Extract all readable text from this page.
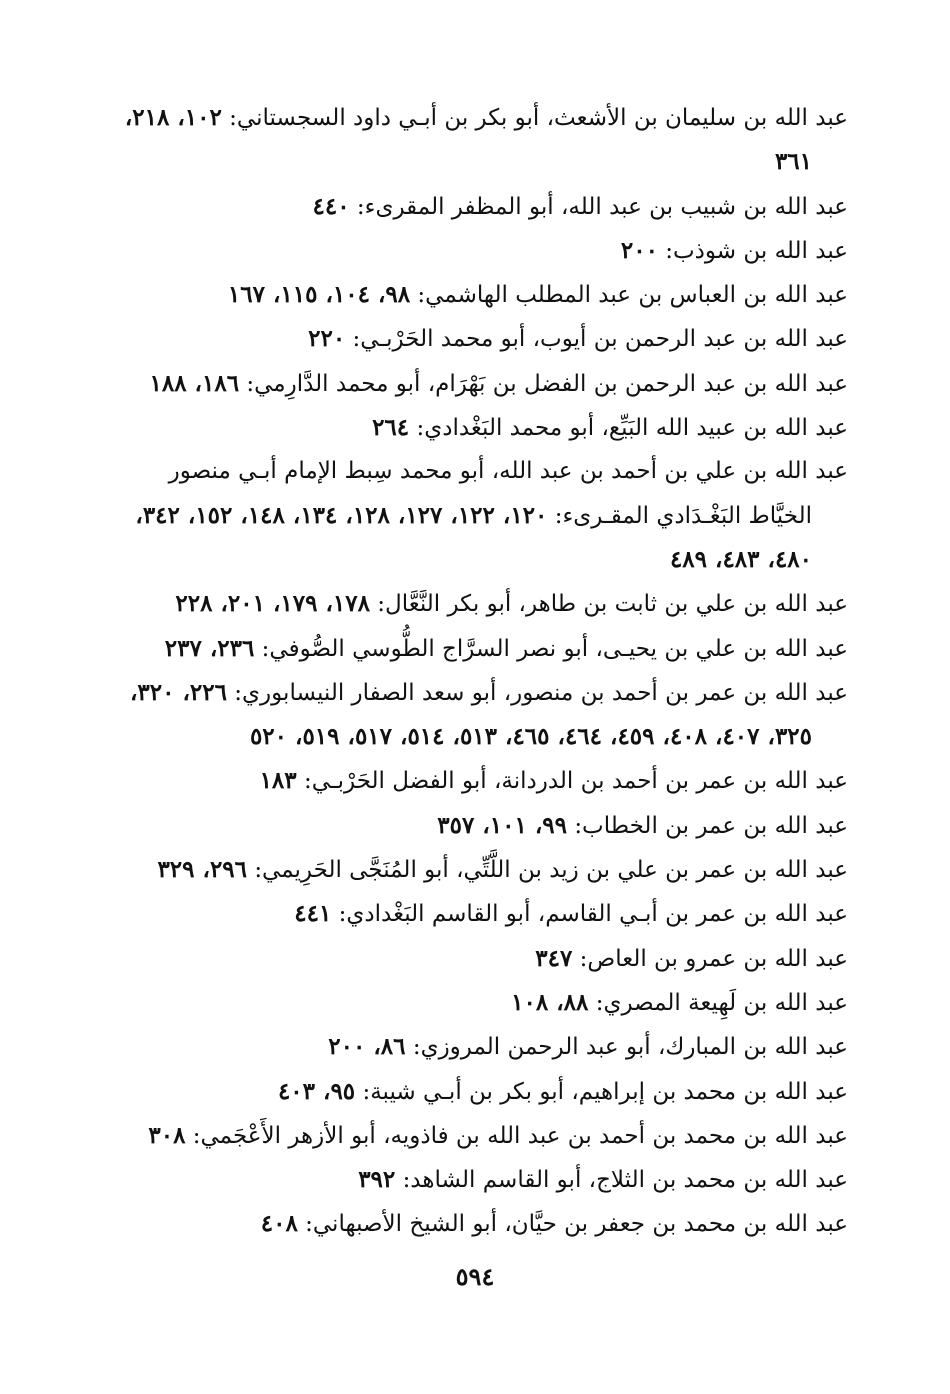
عبد الله بن سليمان بن الأشعث، أبو بكر بن أبـي داود السجستاني: ١٠٢، ٢١٨، ٣٦١
عبد الله بن شبيب بن عبد الله، أبو المظفر المقرىء: ٤٤٠
عبد الله بن شوذب: ٢٠٠
عبد الله بن العباس بن عبد المطلب الهاشمي: ٩٨، ١٠٤، ١١٥، ١٦٧
عبد الله بن عبد الرحمن بن أيوب، أبو محمد الحَرْبـي: ٢٢٠
عبد الله بن عبد الرحمن بن الفضل بن بَهْرَام، أبو محمد الدَّارِمي: ١٨٦، ١٨٨
عبد الله بن عبيد الله البَيِّع، أبو محمد البَغْدادي: ٢٦٤
عبد الله بن علي بن أحمد بن عبد الله، أبو محمد سِبط الإمام أبـي منصور الخيَّاط البَغْـدَادي المقـرىء: ١٢٠، ١٢٢، ١٢٧، ١٢٨، ١٣٤، ١٤٨، ١٥٢، ٣٤٢، ٤٨٠، ٤٨٣، ٤٨٩
عبد الله بن علي بن ثابت بن طاهر، أبو بكر النَّعَّال: ١٧٨، ١٧٩، ٢٠١، ٢٢٨
عبد الله بن علي بن يحيـى، أبو نصر السرَّاج الطُّوسي الصُّوفي: ٢٣٦، ٢٣٧
عبد الله بن عمر بن أحمد بن منصور، أبو سعد الصفار النيسابوري: ٢٢٦، ٣٢٠، ٣٢٥، ٤٠٧، ٤٠٨، ٤٥٩، ٤٦٤، ٤٦٥، ٥١٣، ٥١٤، ٥١٧، ٥١٩، ٥٢٠
عبد الله بن عمر بن أحمد بن الدردانة، أبو الفضل الحَرْبـي: ١٨٣
عبد الله بن عمر بن الخطاب: ٩٩، ١٠١، ٣٥٧
عبد الله بن عمر بن علي بن زيد بن اللَّتِّي، أبو المُنَجَّى الحَرِيمي: ٢٩٦، ٣٢٩
عبد الله بن عمر بن أبـي القاسم، أبو القاسم البَغْدادي: ٤٤١
عبد الله بن عمرو بن العاص: ٣٤٧
عبد الله بن لَهِيعة المصري: ٨٨، ١٠٨
عبد الله بن المبارك، أبو عبد الرحمن المروزي: ٨٦، ٢٠٠
عبد الله بن محمد بن إبراهيم، أبو بكر بن أبـي شيبة: ٩٥، ٤٠٣
عبد الله بن محمد بن أحمد بن عبد الله بن فاذويه، أبو الأزهر الأَعْجَمي: ٣٠٨
عبد الله بن محمد بن الثلاج، أبو القاسم الشاهد: ٣٩٢
عبد الله بن محمد بن جعفر بن حيَّان، أبو الشيخ الأصبهاني: ٤٠٨
٥٩٤
